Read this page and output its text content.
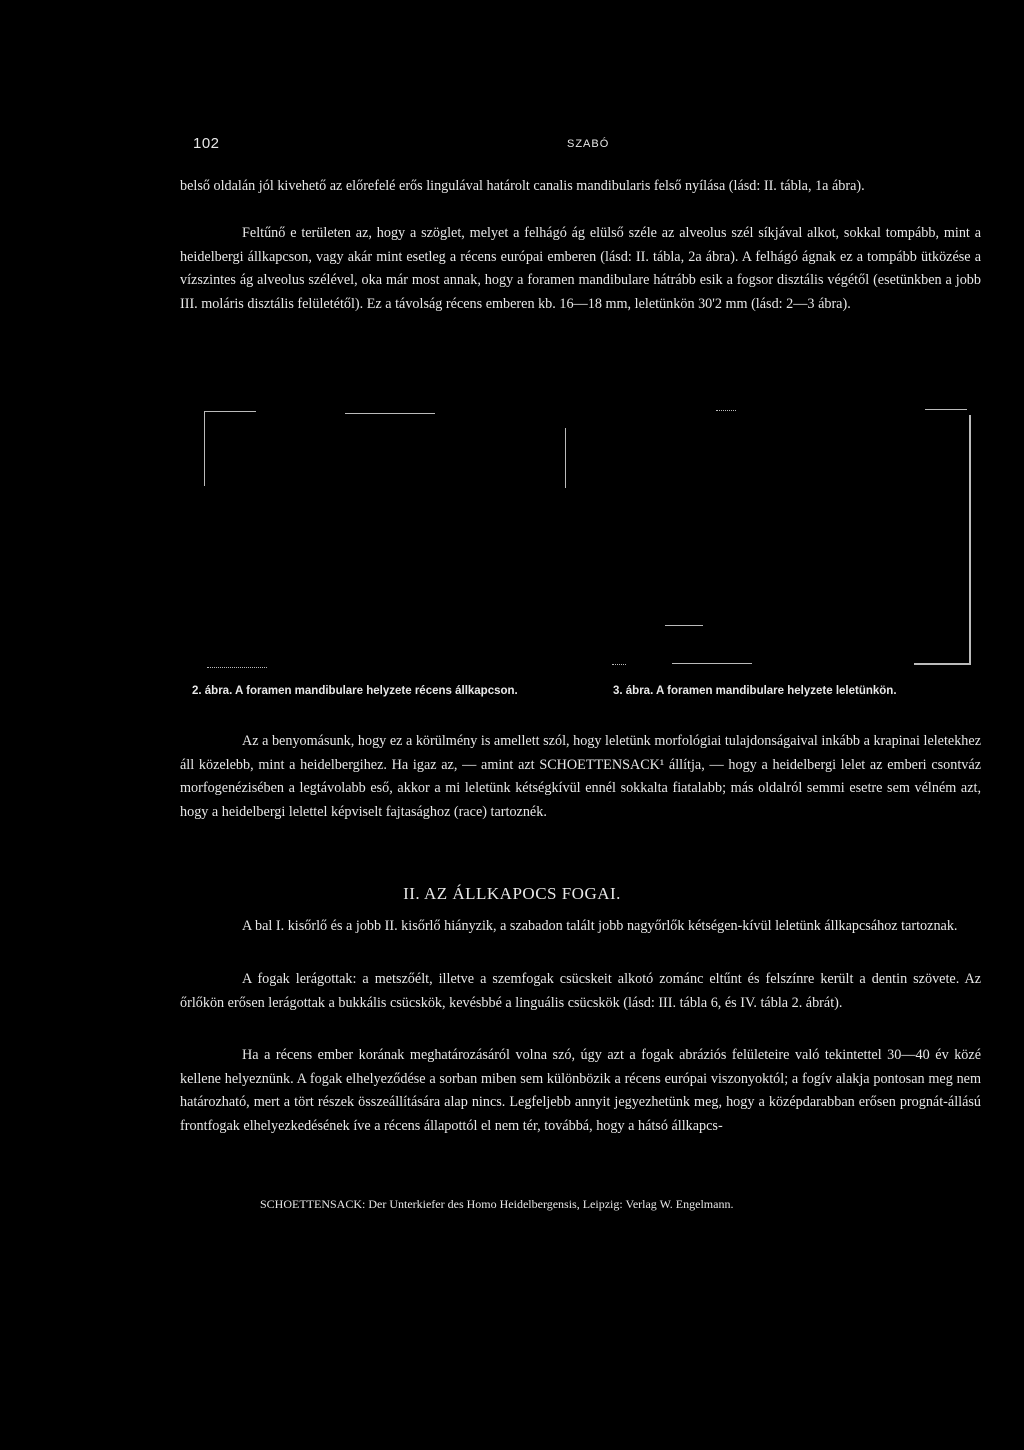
102	SZABÓ

belső oldalán jól kivehető az előrefelé erős lingulával határolt canalis mandibularis felső nyílása (lásd: II. tábla, 1a ábra).

Feltűnő e területen az, hogy a szöglet, melyet a felhágó ág elülső széle az alveolus szél síkjával alkot, sokkal tompább, mint a heidelbergi állkapcson, vagy akár mint esetleg a récens európai emberen (lásd: II. tábla, 2a ábra). A felhágó ágnak ez a tompább ütközése a vízszintes ág alveolus szélével, oka már most annak, hogy a foramen mandibulare hátrább esik a fogsor disztális végétől (esetünkben a jobb III. moláris disztális felületétől). Ez a távolság récens emberen kb. 16—18 mm, leletünkön 30'2 mm (lásd: 2—3 ábra).

2. ábra. A foramen mandibulare helyzete récens állkapcson.	3. ábra. A foramen mandibulare helyzete leletünkön.

Az a benyomásunk, hogy ez a körülmény is amellett szól, hogy leletünk morfológiai tulajdonságaival inkább a krapinai leletekhez áll közelebb, mint a heidelbergihez. Ha igaz az, — amint azt SCHOETTENSACK¹ állítja, — hogy a heidelbergi lelet az emberi csontváz morfogenézisében a legtávolabb eső, akkor a mi leletünk kétségkívül ennél sokkalta fiatalabb; más oldalról semmi esetre sem vélném azt, hogy a heidelbergi lelettel képviselt fajtasághoz (race) tartoznék.

II. AZ ÁLLKAPOCS FOGAI.

A bal I. kisőrlő és a jobb II. kisőrlő hiányzik, a szabadon talált jobb nagyőrlők kétségen-kívül leletünk állkapcsához tartoznak.

A fogak lerágottak: a metszőélt, illetve a szemfogak csücskeit alkotó zománc eltűnt és felszínre került a dentin szövete. Az őrlőkön erősen lerágottak a bukkális csücskök, kevésbbé a linguális csücskök (lásd: III. tábla 6, és IV. tábla 2. ábrát).

Ha a récens ember korának meghatározásáról volna szó, úgy azt a fogak abráziós felületeire való tekintettel 30—40 év közé kellene helyeznünk. A fogak elhelyeződése a sorban miben sem különbözik a récens európai viszonyoktól; a fogív alakja pontosan meg nem határozható, mert a tört részek összeállítására alap nincs. Legfeljebb annyit jegyezhetünk meg, hogy a középdarabban erősen prognát-állású frontfogak elhelyezkedésének íve a récens állapottól el nem tér, továbbá, hogy a hátsó állkapcs-

SCHOETTENSACK: Der Unterkiefer des Homo Heidelbergensis, Leipzig: Verlag W. Engelmann.
